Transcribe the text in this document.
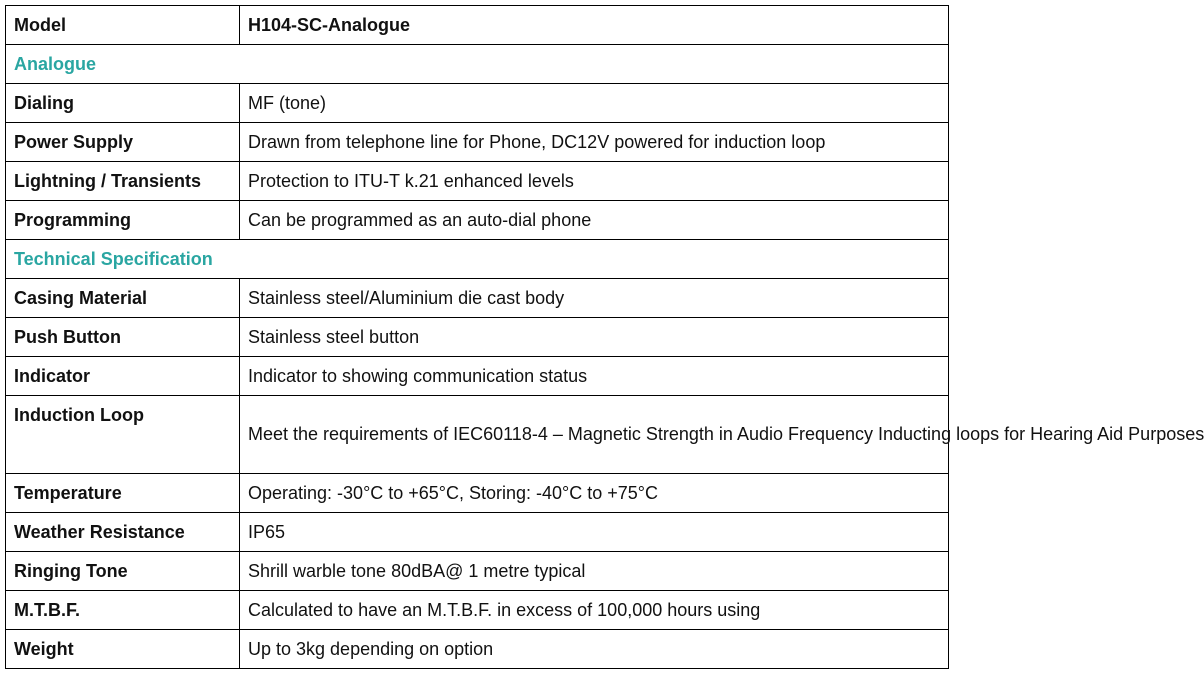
Model	H104-SC-Analogue
Analogue	
Dialing	MF (tone)
Power Supply	Drawn from telephone line for Phone, DC12V powered for induction loop
Lightning / Transients	Protection to ITU-T k.21 enhanced levels
Programming	Can be programmed as an auto-dial phone
Technical Specification	
Casing Material	Stainless steel/Aluminium die cast body
Push Button	Stainless steel button
Indicator	Indicator to showing communication status
Induction Loop	Meet the requirements of IEC60118-4 – Magnetic Strength in Audio Frequency Inducting loops for Hearing Aid Purposes
Temperature	Operating: -30°C to +65°C, Storing: -40°C to +75°C
Weather Resistance	IP65
Ringing Tone	Shrill warble tone 80dBA@ 1 metre typical
M.T.B.F.	Calculated to have an M.T.B.F. in excess of 100,000 hours using
Weight	Up to 3kg depending on option
